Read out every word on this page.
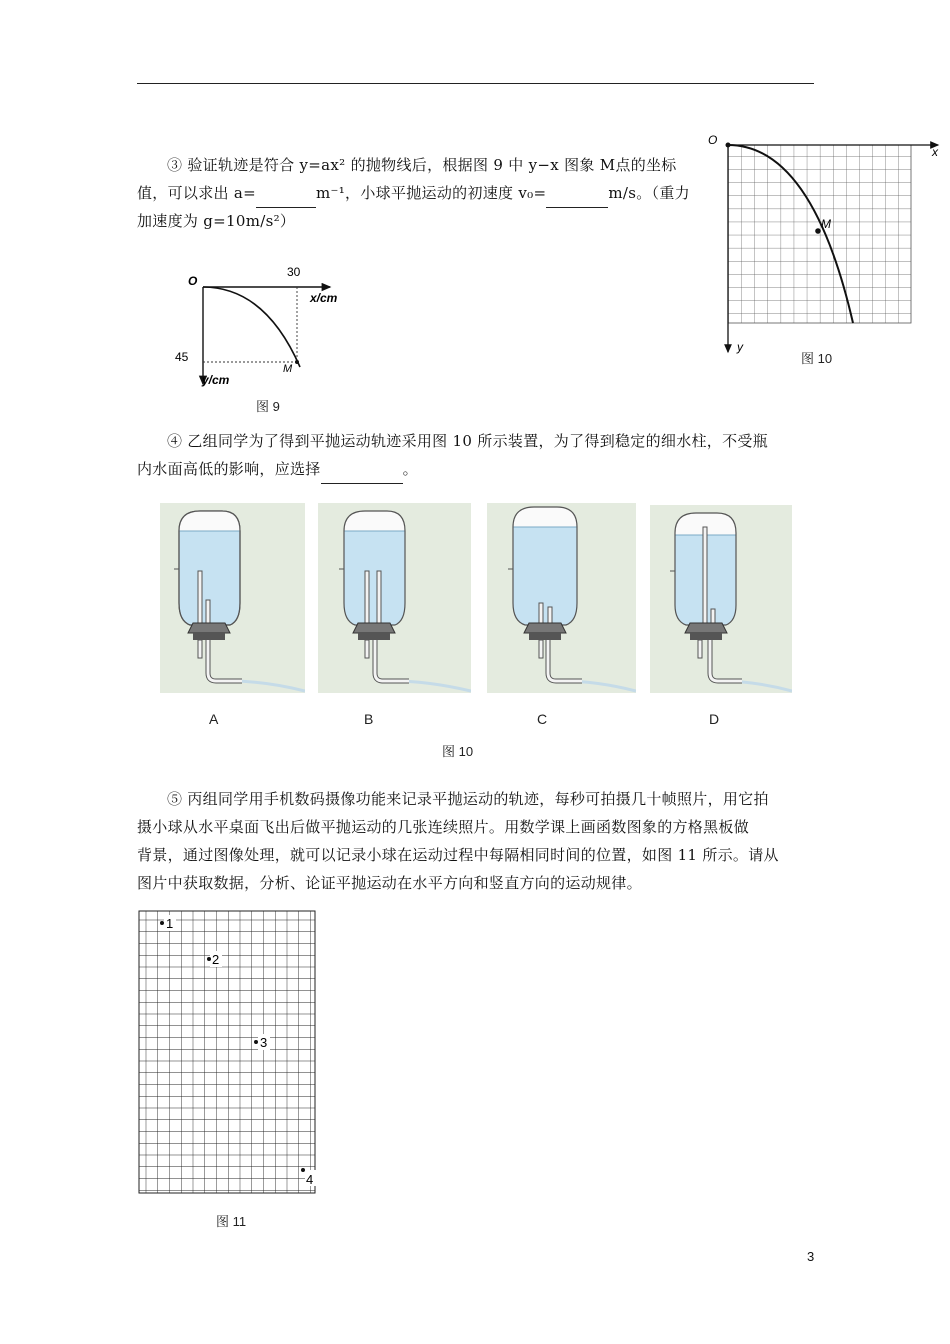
③ 验证轨迹是符合 y=ax² 的抛物线后，根据图 9 中 y−x 图象 M点的坐标
值，可以求出 a=	m⁻¹，小球平抛运动的初速度 v₀=	m/s。（重力
加速度为 g=10m/s²）
O
30
x/cm
45
y/cm
M
图 9
O
x
y
M
图 10
④ 乙组同学为了得到平抛运动轨迹采用图 10 所示装置，为了得到稳定的细水柱，不受瓶
内水面高低的影响，应选择	。
A	B	C	D
图 10
⑤ 丙组同学用手机数码摄像功能来记录平抛运动的轨迹，每秒可拍摄几十帧照片，用它拍
摄小球从水平桌面飞出后做平抛运动的几张连续照片。用数学课上画函数图象的方格黑板做
背景，通过图像处理，就可以记录小球在运动过程中每隔相同时间的位置，如图 11 所示。请从
图片中获取数据，分析、论证平抛运动在水平方向和竖直方向的运动规律。
1
2
3
4
图 11
3
